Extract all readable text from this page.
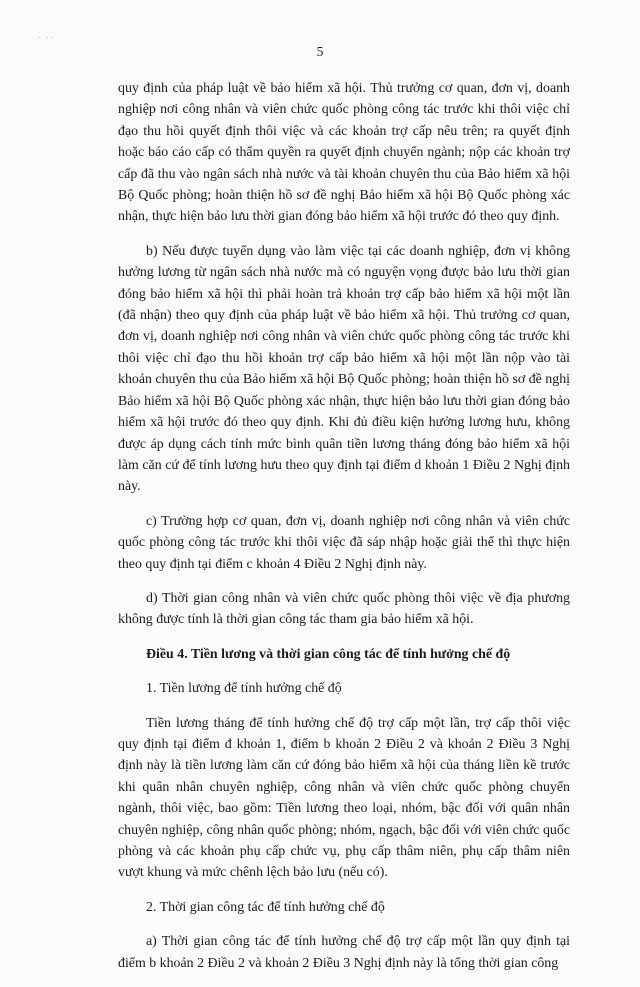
· ··
5

quy định của pháp luật về bảo hiểm xã hội. Thủ trưởng cơ quan, đơn vị, doanh nghiệp nơi công nhân và viên chức quốc phòng công tác trước khi thôi việc chỉ đạo thu hồi quyết định thôi việc và các khoản trợ cấp nêu trên; ra quyết định hoặc báo cáo cấp có thẩm quyền ra quyết định chuyển ngành; nộp các khoản trợ cấp đã thu vào ngân sách nhà nước và tài khoản chuyên thu của Bảo hiểm xã hội Bộ Quốc phòng; hoàn thiện hồ sơ đề nghị Bảo hiểm xã hội Bộ Quốc phòng xác nhận, thực hiện bảo lưu thời gian đóng bảo hiểm xã hội trước đó theo quy định.

b) Nếu được tuyển dụng vào làm việc tại các doanh nghiệp, đơn vị không hưởng lương từ ngân sách nhà nước mà có nguyện vọng được bảo lưu thời gian đóng bảo hiểm xã hội thì phải hoàn trả khoản trợ cấp bảo hiểm xã hội một lần (đã nhận) theo quy định của pháp luật về bảo hiểm xã hội. Thủ trưởng cơ quan, đơn vị, doanh nghiệp nơi công nhân và viên chức quốc phòng công tác trước khi thôi việc chỉ đạo thu hồi khoản trợ cấp bảo hiểm xã hội một lần nộp vào tài khoản chuyên thu của Bảo hiểm xã hội Bộ Quốc phòng; hoàn thiện hồ sơ đề nghị Bảo hiểm xã hội Bộ Quốc phòng xác nhận, thực hiện bảo lưu thời gian đóng bảo hiểm xã hội trước đó theo quy định. Khi đủ điều kiện hưởng lương hưu, không được áp dụng cách tính mức bình quân tiền lương tháng đóng bảo hiểm xã hội làm căn cứ để tính lương hưu theo quy định tại điểm d khoản 1 Điều 2 Nghị định này.

c) Trường hợp cơ quan, đơn vị, doanh nghiệp nơi công nhân và viên chức quốc phòng công tác trước khi thôi việc đã sáp nhập hoặc giải thể thì thực hiện theo quy định tại điểm c khoản 4 Điều 2 Nghị định này.

d) Thời gian công nhân và viên chức quốc phòng thôi việc về địa phương không được tính là thời gian công tác tham gia bảo hiểm xã hội.

Điều 4. Tiền lương và thời gian công tác để tính hưởng chế độ

1. Tiền lương để tính hưởng chế độ

Tiền lương tháng để tính hưởng chế độ trợ cấp một lần, trợ cấp thôi việc quy định tại điểm đ khoản 1, điểm b khoản 2 Điều 2 và khoản 2 Điều 3 Nghị định này là tiền lương làm căn cứ đóng bảo hiểm xã hội của tháng liền kề trước khi quân nhân chuyên nghiệp, công nhân và viên chức quốc phòng chuyển ngành, thôi việc, bao gồm: Tiền lương theo loại, nhóm, bậc đối với quân nhân chuyên nghiệp, công nhân quốc phòng; nhóm, ngạch, bậc đối với viên chức quốc phòng và các khoản phụ cấp chức vụ, phụ cấp thâm niên, phụ cấp thâm niên vượt khung và mức chênh lệch bảo lưu (nếu có).

2. Thời gian công tác để tính hưởng chế độ

a) Thời gian công tác để tính hưởng chế độ trợ cấp một lần quy định tại điểm b khoản 2 Điều 2 và khoản 2 Điều 3 Nghị định này là tổng thời gian công
